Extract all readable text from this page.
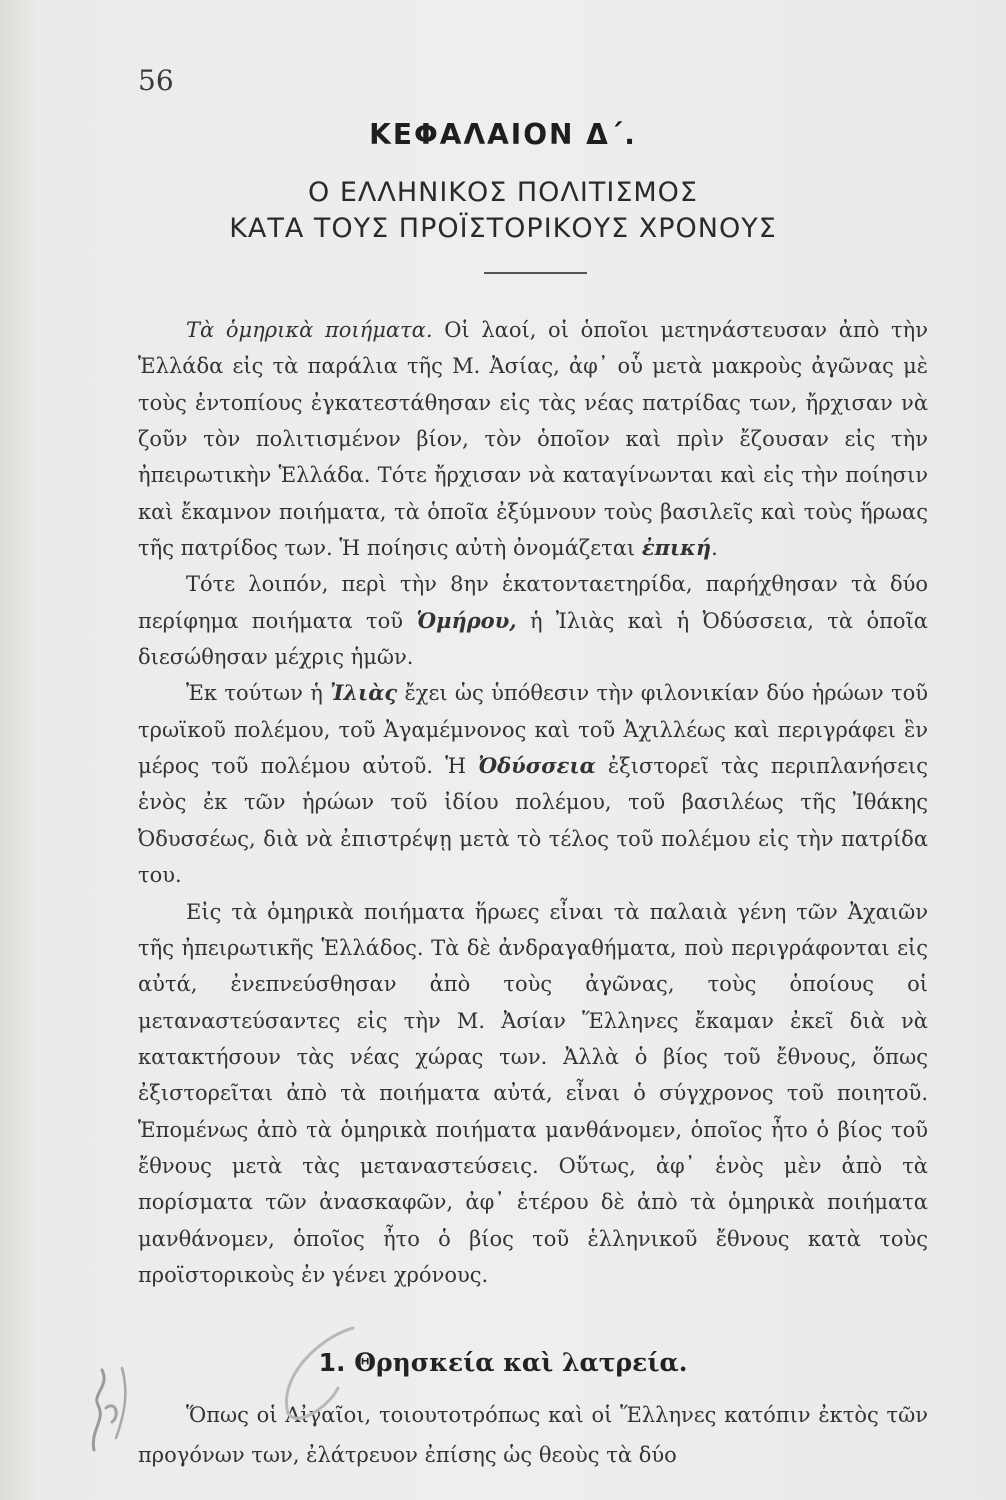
56
ΚΕΦΑΛΑΙΟΝ Δ΄.
Ο ΕΛΛΗΝΙΚΟΣ ΠΟΛΙΤΙΣΜΟΣ
ΚΑΤΑ ΤΟΥΣ ΠΡΟΪΣΤΟΡΙΚΟΥΣ ΧΡΟΝΟΥΣ

Τὰ ὁμηρικὰ ποιήματα. Οἱ λαοί, οἱ ὁποῖοι μετηνάστευσαν ἀπὸ τὴν Ἑλλάδα εἰς τὰ παράλια τῆς Μ. Ἀσίας, ἀφ᾽ οὗ μετὰ μακροὺς ἀγῶνας μὲ τοὺς ἐντοπίους ἐγκατεστάθησαν εἰς τὰς νέας πατρίδας των, ἤρχισαν νὰ ζοῦν τὸν πολιτισμένον βίον, τὸν ὁποῖον καὶ πρὶν ἔζουσαν εἰς τὴν ἠπειρωτικὴν Ἑλλάδα. Τότε ἤρχισαν νὰ καταγίνωνται καὶ εἰς τὴν ποίησιν καὶ ἔκαμνον ποιήματα, τὰ ὁποῖα ἐξύμνουν τοὺς βασιλεῖς καὶ τοὺς ἥρωας τῆς πατρίδος των. Ἡ ποίησις αὐτὴ ὀνομάζεται ἐπική.

Τότε λοιπόν, περὶ τὴν 8ην ἑκατονταετηρίδα, παρήχθησαν τὰ δύο περίφημα ποιήματα τοῦ Ὁμήρου, ἡ Ἰλιὰς καὶ ἡ Ὀδύσσεια, τὰ ὁποῖα διεσώθησαν μέχρις ἡμῶν.

Ἐκ τούτων ἡ Ἰλιὰς ἔχει ὡς ὑπόθεσιν τὴν φιλονικίαν δύο ἡρώων τοῦ τρωϊκοῦ πολέμου, τοῦ Ἀγαμέμνονος καὶ τοῦ Ἀχιλλέως καὶ περιγράφει ἓν μέρος τοῦ πολέμου αὐτοῦ. Ἡ Ὀδύσσεια ἐξιστορεῖ τὰς περιπλανήσεις ἑνὸς ἐκ τῶν ἡρώων τοῦ ἰδίου πολέμου, τοῦ βασιλέως τῆς Ἰθάκης Ὀδυσσέως, διὰ νὰ ἐπιστρέψῃ μετὰ τὸ τέλος τοῦ πολέμου εἰς τὴν πατρίδα του.

Εἰς τὰ ὁμηρικὰ ποιήματα ἥρωες εἶναι τὰ παλαιὰ γένη τῶν Ἀχαιῶν τῆς ἠπειρωτικῆς Ἑλλάδος. Τὰ δὲ ἀνδραγαθήματα, ποὺ περιγράφονται εἰς αὐτά, ἐνεπνεύσθησαν ἀπὸ τοὺς ἀγῶνας, τοὺς ὁποίους οἱ μεταναστεύσαντες εἰς τὴν Μ. Ἀσίαν Ἕλληνες ἔκαμαν ἐκεῖ διὰ νὰ κατακτήσουν τὰς νέας χώρας των. Ἀλλὰ ὁ βίος τοῦ ἔθνους, ὅπως ἐξιστορεῖται ἀπὸ τὰ ποιήματα αὐτά, εἶναι ὁ σύγχρονος τοῦ ποιητοῦ. Ἑπομένως ἀπὸ τὰ ὁμηρικὰ ποιήματα μανθάνομεν, ὁποῖος ἦτο ὁ βίος τοῦ ἔθνους μετὰ τὰς μεταναστεύσεις. Οὕτως, ἀφ᾽ ἑνὸς μὲν ἀπὸ τὰ πορίσματα τῶν ἀνασκαφῶν, ἀφ᾽ ἑτέρου δὲ ἀπὸ τὰ ὁμηρικὰ ποιήματα μανθάνομεν, ὁποῖος ἦτο ὁ βίος τοῦ ἑλληνικοῦ ἔθνους κατὰ τοὺς προϊστορικοὺς ἐν γένει χρόνους.

1. Θρησκεία καὶ λατρεία.

Ὅπως οἱ Αἰγαῖοι, τοιουτοτρόπως καὶ οἱ Ἕλληνες κατόπιν ἐκτὸς τῶν προγόνων των, ἐλάτρευον ἐπίσης ὡς θεοὺς τὰ δύο
